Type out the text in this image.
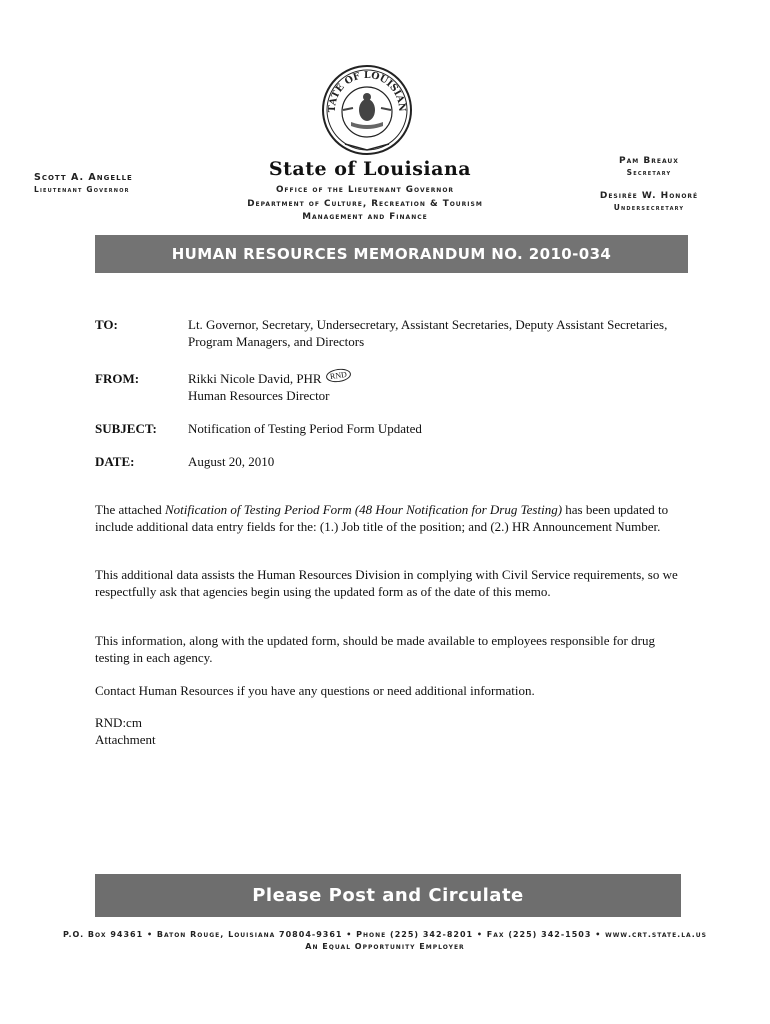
TATE OF LOUISIAN
Scott A. Angelle
Lieutenant Governor
Pam Breaux
Secretary
Desirée W. Honoré
Undersecretary
State of Louisiana
Office of the Lieutenant Governor
Department of Culture, Recreation & Tourism
Management and Finance
HUMAN RESOURCES MEMORANDUM NO. 2010-034
TO:	Lt. Governor, Secretary, Undersecretary, Assistant Secretaries, Deputy Assistant Secretaries, Program Managers, and Directors
FROM:	Rikki Nicole David, PHR RND
Human Resources Director
SUBJECT: Notification of Testing Period Form Updated
DATE:	August 20, 2010

The attached Notification of Testing Period Form (48 Hour Notification for Drug Testing) has been updated to include additional data entry fields for the: (1.) Job title of the position; and (2.) HR Announcement Number.

This additional data assists the Human Resources Division in complying with Civil Service requirements, so we respectfully ask that agencies begin using the updated form as of the date of this memo.

This information, along with the updated form, should be made available to employees responsible for drug testing in each agency.

Contact Human Resources if you have any questions or need additional information.

RND:cm
Attachment
Please Post and Circulate
P.O. Box 94361 • Baton Rouge, Louisiana 70804-9361 • Phone (225) 342-8201 • Fax (225) 342-1503 • www.crt.state.la.us
An Equal Opportunity Employer
